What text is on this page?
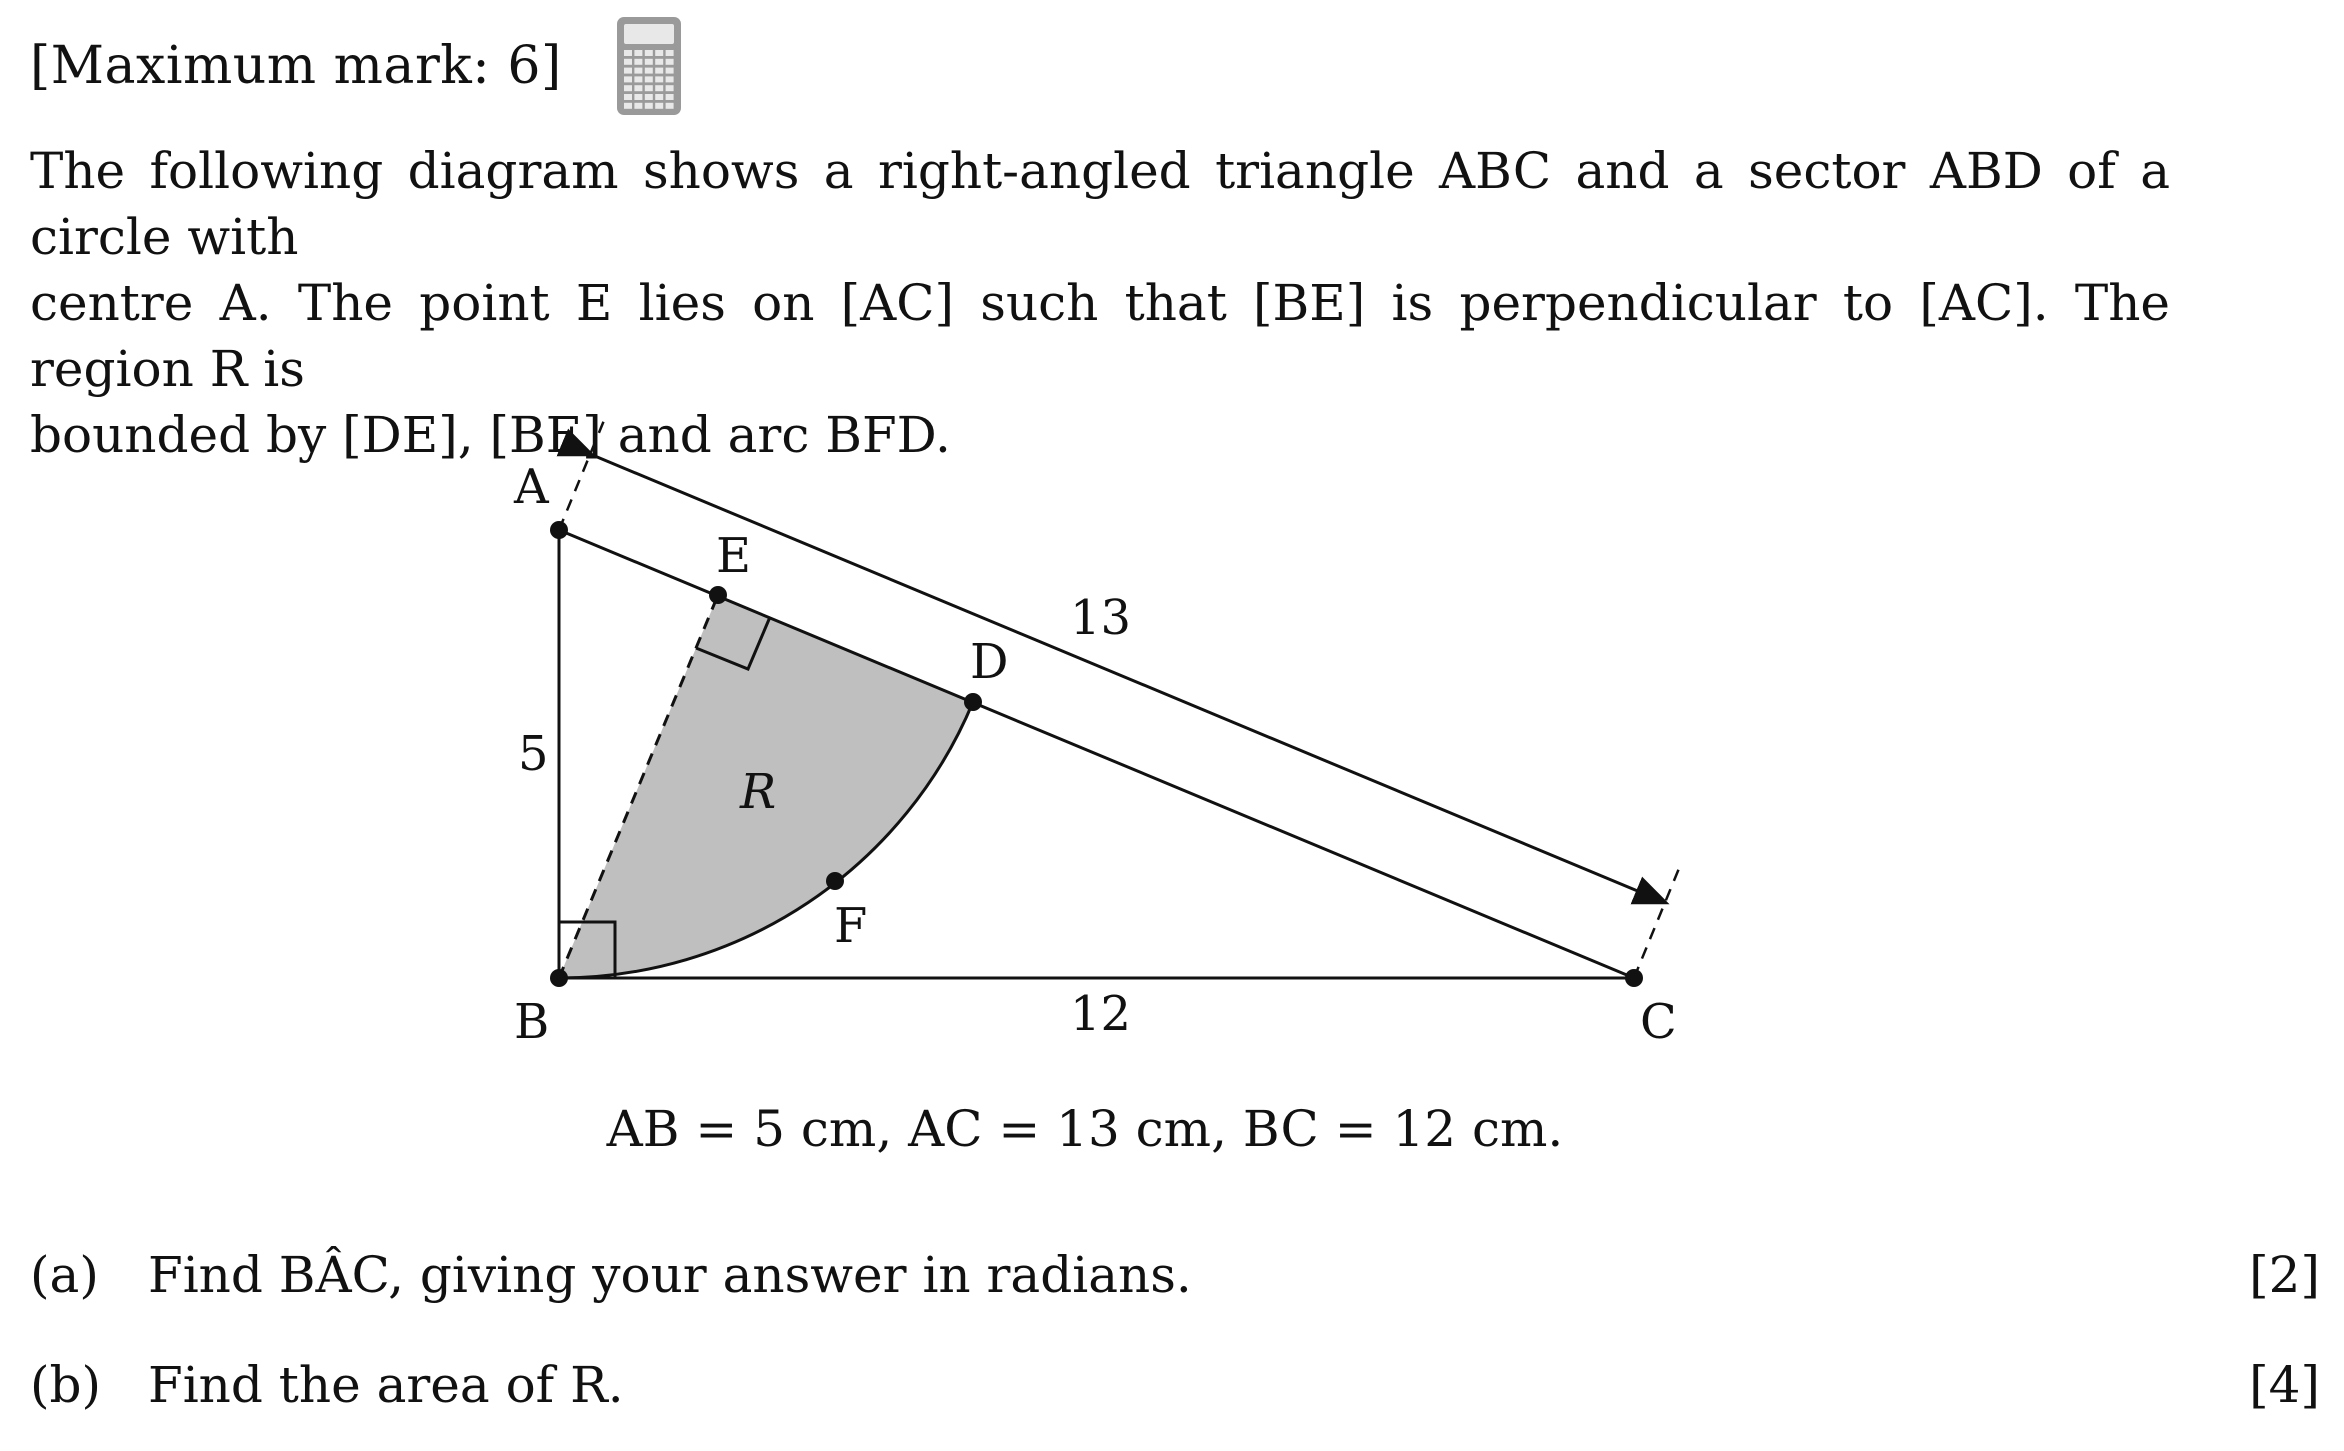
[Maximum mark: 6]

The following diagram shows a right-angled triangle ABC and a sector ABD of a circle with

centre A. The point E lies on [AC] such that [BE] is perpendicular to [AC]. The region R is

bounded by [DE], [BE] and arc BFD.

A
B	C
D
E
F
R
5
12
13
AB = 5 cm, AC = 13 cm, BC = 12 cm.
(a) Find BÂC, giving your answer in radians.	[2]
(b) Find the area of R.	[4]
